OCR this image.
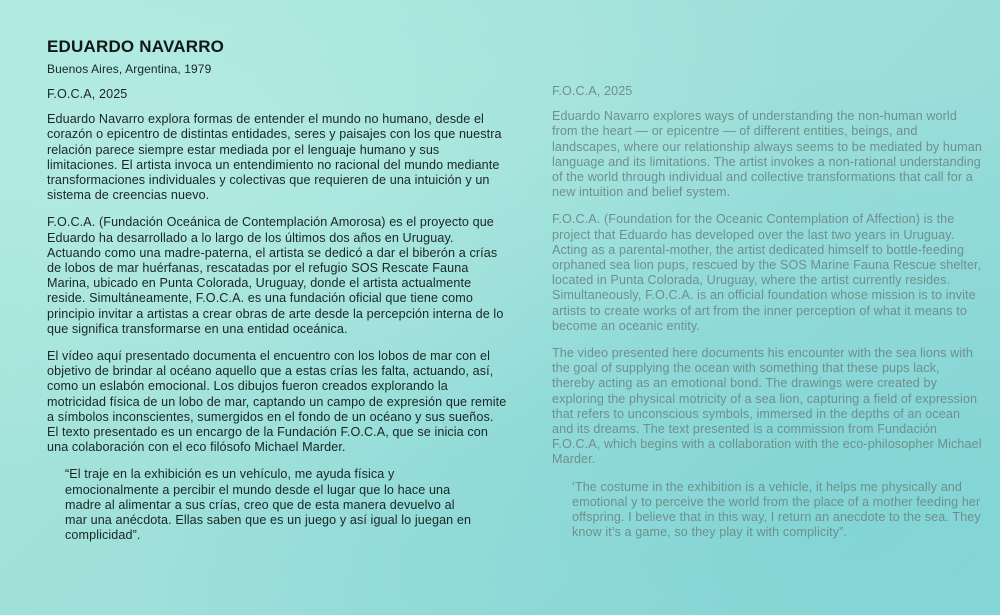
EDUARDO NAVARRO
Buenos Aires, Argentina, 1979
F.O.C.A, 2025

Eduardo Navarro explora formas de entender el mundo no humano, desde el corazón o epicentro de distintas entidades, seres y paisajes con los que nuestra relación parece siempre estar mediada por el lenguaje humano y sus limitaciones. El artista invoca un entendimiento no racional del mundo mediante transformaciones individuales y colectivas que requieren de una intuición y un sistema de creencias nuevo.

F.O.C.A. (Fundación Oceánica de Contemplación Amorosa) es el proyecto que Eduardo ha desarrollado a lo largo de los últimos dos años en Uruguay. Actuando como una madre-paterna, el artista se dedicó a dar el biberón a crías de lobos de mar huérfanas, rescatadas por el refugio SOS Rescate Fauna Marina, ubicado en Punta Colorada, Uruguay, donde el artista actualmente reside. Simultáneamente, F.O.C.A. es una fundación oficial que tiene como principio invitar a artistas a crear obras de arte desde la percepción interna de lo que significa transformarse en una entidad oceánica.

El vídeo aquí presentado documenta el encuentro con los lobos de mar con el objetivo de brindar al océano aquello que a estas crías les falta, actuando, así, como un eslabón emocional. Los dibujos fueron creados explorando la motricidad física de un lobo de mar, captando un campo de expresión que remite a símbolos inconscientes, sumergidos en el fondo de un océano y sus sueños. El texto presentado es un encargo de la Fundación F.O.C.A, que se inicia con una colaboración con el eco filósofo Michael Marder.

“El traje en la exhibición es un vehículo, me ayuda física y emocionalmente a percibir el mundo desde el lugar que lo hace una madre al alimentar a sus crías, creo que de esta manera devuelvo al mar una anécdota. Ellas saben que es un juego y así igual lo juegan en complicidad”.

F.O.C.A, 2025

Eduardo Navarro explores ways of understanding the non-human world from the heart — or epicentre — of different entities, beings, and landscapes, where our relationship always seems to be mediated by human language and its limitations. The artist invokes a non-rational understanding of the world through individual and collective transformations that call for a new intuition and belief system.

F.O.C.A. (Foundation for the Oceanic Contemplation of Affection) is the project that Eduardo has developed over the last two years in Uruguay. Acting as a parental-mother, the artist dedicated himself to bottle-feeding orphaned sea lion pups, rescued by the SOS Marine Fauna Rescue shelter, located in Punta Colorada, Uruguay, where the artist currently resides. Simultaneously, F.O.C.A. is an official foundation whose mission is to invite artists to create works of art from the inner perception of what it means to become an oceanic entity.

The video presented here documents his encounter with the sea lions with the goal of supplying the ocean with something that these pups lack, thereby acting as an emotional bond. The drawings were created by exploring the physical motricity of a sea lion, capturing a field of expression that refers to unconscious symbols, immersed in the depths of an ocean and its dreams. The text presented is a commission from Fundación F.O.C.A, which begins with a collaboration with the eco-philosopher Michael Marder.

‘The costume in the exhibition is a vehicle, it helps me physically and emotional y to perceive the world from the place of a mother feeding her offspring. I believe that in this way, I return an anecdote to the sea. They know it’s a game, so they play it with complicity”.
